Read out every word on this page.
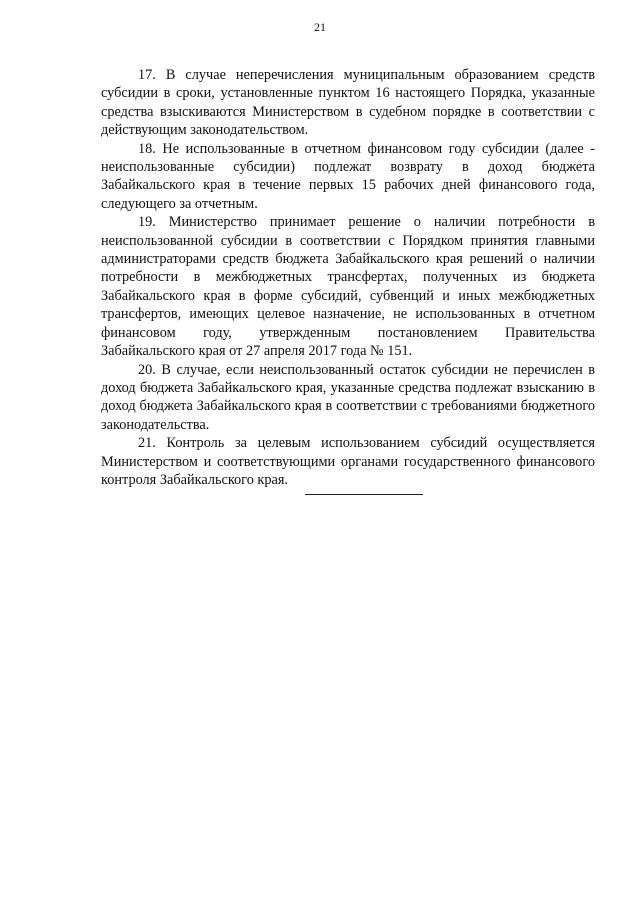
21

17. В случае неперечисления муниципальным образованием средств субсидии в сроки, установленные пунктом 16 настоящего Порядка, указанные средства взыскиваются Министерством в судебном порядке в соответствии с действующим законодательством.

18. Не использованные в отчетном финансовом году субсидии (далее - неиспользованные субсидии) подлежат возврату в доход бюджета Забайкальского края в течение первых 15 рабочих дней финансового года, следующего за отчетным.

19. Министерство принимает решение о наличии потребности в неиспользованной субсидии в соответствии с Порядком принятия главными администраторами средств бюджета Забайкальского края решений о наличии потребности в межбюджетных трансфертах, полученных из бюджета Забайкальского края в форме субсидий, субвенций и иных межбюджетных трансфертов, имеющих целевое назначение, не использованных в отчетном финансовом году, утвержденным постановлением Правительства Забайкальского края от 27 апреля 2017 года № 151.

20. В случае, если неиспользованный остаток субсидии не перечислен в доход бюджета Забайкальского края, указанные средства подлежат взысканию в доход бюджета Забайкальского края в соответствии с требованиями бюджетного законодательства.

21. Контроль за целевым использованием субсидий осуществляется Министерством и соответствующими органами государственного финансового контроля Забайкальского края.
